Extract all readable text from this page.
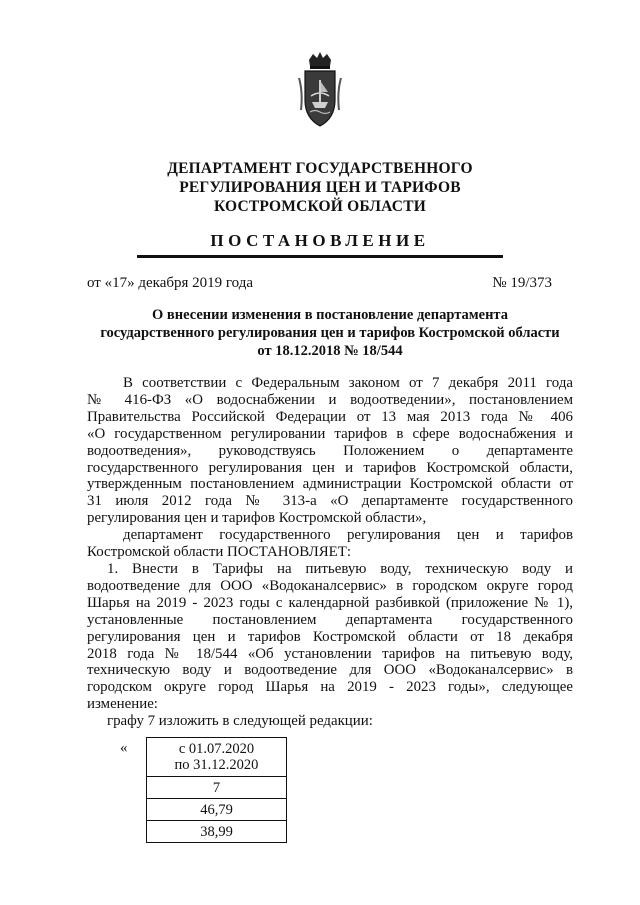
ДЕПАРТАМЕНТ ГОСУДАРСТВЕННОГО
РЕГУЛИРОВАНИЯ ЦЕН И ТАРИФОВ
КОСТРОМСКОЙ ОБЛАСТИ
ПОСТАНОВЛЕНИЕ
от «17» декабря 2019 года	№ 19/373
О внесении изменения в постановление департамента
государственного регулирования цен и тарифов Костромской области
от 18.12.2018 № 18/544

В соответствии с Федеральным законом от 7 декабря 2011 года

№ 416-ФЗ «О водоснабжении и водоотведении», постановлением

Правительства Российской Федерации от 13 мая 2013 года № 406

«О государственном регулировании тарифов в сфере водоснабжения и

водоотведения», руководствуясь Положением о департаменте

государственного регулирования цен и тарифов Костромской области,

утвержденным постановлением администрации Костромской области от

31 июля 2012 года № 313-а «О департаменте государственного

регулирования цен и тарифов Костромской области»,

департамент государственного регулирования цен и тарифов

Костромской области ПОСТАНОВЛЯЕТ:

1. Внести в Тарифы на питьевую воду, техническую воду и

водоотведение для ООО «Водоканалсервис» в городском округе город

Шарья на 2019 - 2023 годы с календарной разбивкой (приложение № 1),

установленные постановлением департамента государственного

регулирования цен и тарифов Костромской области от 18 декабря

2018 года № 18/544 «Об установлении тарифов на питьевую воду,

техническую воду и водоотведение для ООО «Водоканалсервис» в

городском округе город Шарья на 2019 - 2023 годы», следующее

изменение:

графу 7 изложить в следующей редакции:

«	с 01.07.2020
по 31.12.2020

7
46,79
38,99
